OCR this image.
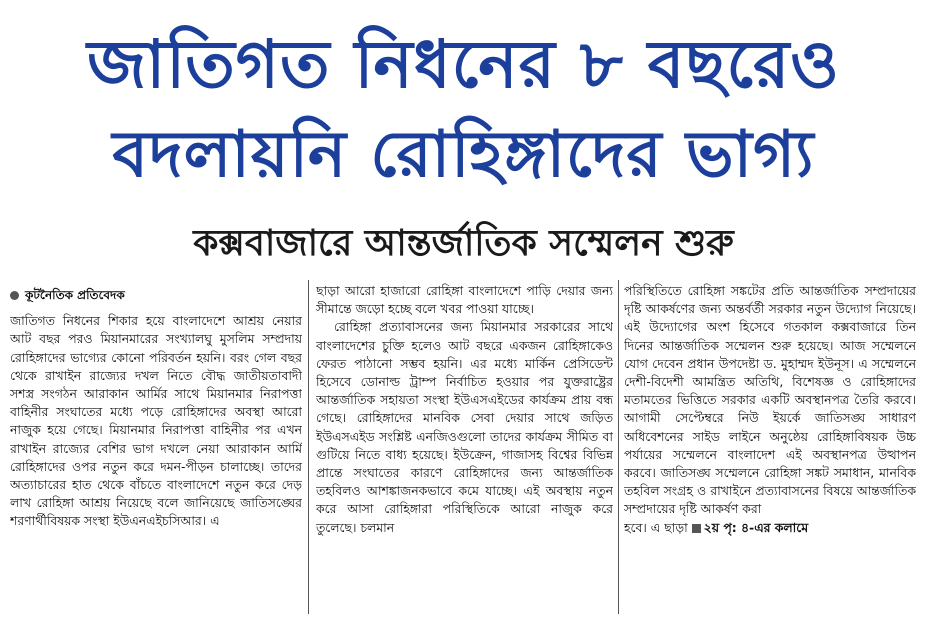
জাতিগত নিধনের ৮ বছরেও
বদলায়নি রোহিঙ্গাদের ভাগ্য
কক্সবাজারে আন্তর্জাতিক সম্মেলন শুরু
কূটনৈতিক প্রতিবেদক

জাতিগত নিধনের শিকার হয়ে বাংলাদেশে আশ্রয় নেয়ার আট বছর পরও মিয়ানমারের সংখ্যালঘু মুসলিম সম্প্রদায় রোহিঙ্গাদের ভাগ্যের কোনো পরিবর্তন হয়নি। বরং গেল বছর থেকে রাখাইন রাজ্যের দখল নিতে বৌদ্ধ জাতীয়তাবাদী সশস্ত্র সংগঠন আরাকান আর্মির সাথে মিয়ানমার নিরাপত্তা বাহিনীর সংঘাতের মধ্যে পড়ে রোহিঙ্গাদের অবস্থা আরো নাজুক হয়ে গেছে। মিয়ানমার নিরাপত্তা বাহিনীর পর এখন রাখাইন রাজ্যের বেশির ভাগ দখলে নেয়া আরাকান আর্মি রোহিঙ্গাদের ওপর নতুন করে দমন-পীড়ন চালাচ্ছে। তাদের অত্যাচারের হাত থেকে বাঁচতে বাংলাদেশে নতুন করে দেড় লাখ রোহিঙ্গা আশ্রয় নিয়েছে বলে জানিয়েছে জাতিসঙ্ঘের শরণার্থীবিষয়ক সংস্থা ইউএনএইচসিআর। এ

ছাড়া আরো হাজারো রোহিঙ্গা বাংলাদেশে পাড়ি দেয়ার জন্য সীমান্তে জড়ো হচ্ছে বলে খবর পাওয়া যাচ্ছে।

রোহিঙ্গা প্রত্যাবাসনের জন্য মিয়ানমার সরকারের সাথে বাংলাদেশের চুক্তি হলেও আট বছরে একজন রোহিঙ্গাকেও ফেরত পাঠানো সম্ভব হয়নি। এর মধ্যে মার্কিন প্রেসিডেন্ট হিসেবে ডোনাল্ড ট্রাম্প নির্বাচিত হওয়ার পর যুক্তরাষ্ট্রের আন্তর্জাতিক সহায়তা সংস্থা ইউএসএইডের কার্যক্রম প্রায় বন্ধ গেছে। রোহিঙ্গাদের মানবিক সেবা দেয়ার সাথে জড়িত ইউএসএইড সংশ্লিষ্ট এনজিওগুলো তাদের কার্যক্রম সীমিত বা গুটিয়ে নিতে বাধ্য হয়েছে। ইউক্রেন, গাজাসহ বিশ্বের বিভিন্ন প্রান্তে সংঘাতের কারণে রোহিঙ্গাদের জন্য আন্তর্জাতিক তহবিলও আশঙ্কাজনকভাবে কমে যাচ্ছে। এই অবস্থায় নতুন করে আসা রোহিঙ্গারা পরিস্থিতিকে আরো নাজুক করে তুলেছে। চলমান

পরিস্থিতিতে রোহিঙ্গা সঙ্কটের প্রতি আন্তর্জাতিক সম্প্রদায়ের দৃষ্টি আকর্ষণের জন্য অন্তর্বর্তী সরকার নতুন উদ্যোগ নিয়েছে। এই উদ্যোগের অংশ হিসেবে গতকাল কক্সবাজারে তিন দিনের আন্তর্জাতিক সম্মেলন শুরু হয়েছে। আজ সম্মেলনে যোগ দেবেন প্রধান উপদেষ্টা ড. মুহাম্মদ ইউনূস। এ সম্মেলনে দেশী-বিদেশী আমন্ত্রিত অতিথি, বিশেষজ্ঞ ও রোহিঙ্গাদের মতামতের ভিত্তিতে সরকার একটি অবস্থানপত্র তৈরি করবে। আগামী সেপ্টেম্বরে নিউ ইয়র্কে জাতিসঙ্ঘ সাধারণ অধিবেশনের সাইড লাইনে অনুষ্ঠেয় রোহিঙ্গাবিষয়ক উচ্চ পর্যায়ের সম্মেলনে বাংলাদেশ এই অবস্থানপত্র উত্থাপন করবে। জাতিসঙ্ঘ সম্মেলনে রোহিঙ্গা সঙ্কট সমাধান, মানবিক তহবিল সংগ্রহ ও রাখাইনে প্রত্যাবাসনের বিষয়ে আন্তর্জাতিক সম্প্রদায়ের দৃষ্টি আকর্ষণ করা

হবে। এ ছাড়া ২য় পৃ: ৪-এর কলামে
